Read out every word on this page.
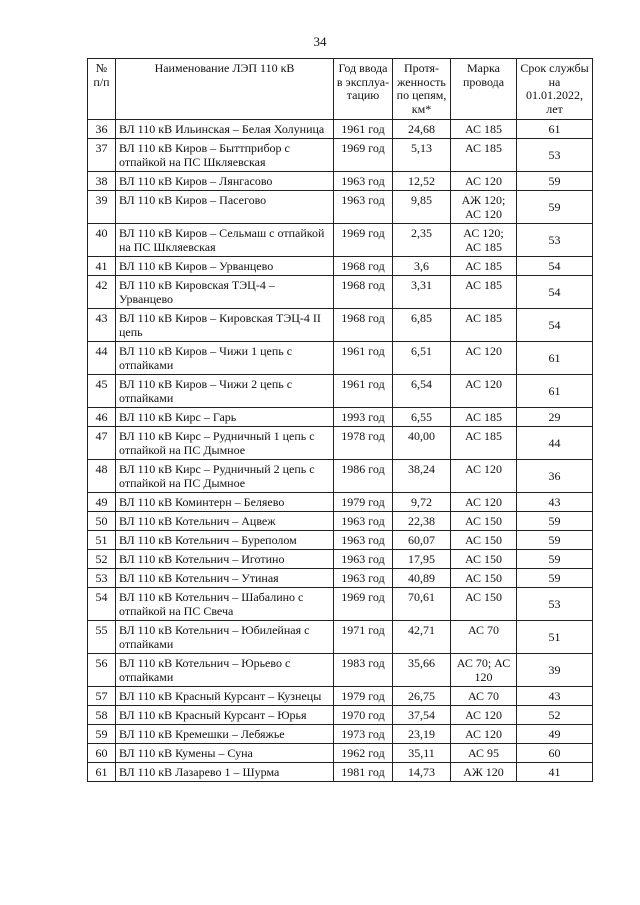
34
№ п/п	Наименование ЛЭП 110 кВ	Год ввода в эксплуа-тацию	Протя-женность по цепям, км*	Марка провода	Срок службы на 01.01.2022, лет
36	ВЛ 110 кВ Ильинская – Белая Холуница	1961 год	24,68	АС 185	61
37	ВЛ 110 кВ Киров – Быттприбор с отпайкой на ПС Шкляевская	1969 год	5,13	АС 185	53
38	ВЛ 110 кВ Киров – Лянгасово	1963 год	12,52	АС 120	59
39	ВЛ 110 кВ Киров – Пасегово	1963 год	9,85	АЖ 120; АС 120	59
40	ВЛ 110 кВ Киров – Сельмаш с отпайкой на ПС Шкляевская	1969 год	2,35	АС 120; АС 185	53
41	ВЛ 110 кВ Киров – Урванцево	1968 год	3,6	АС 185	54
42	ВЛ 110 кВ Кировская ТЭЦ-4 – Урванцево	1968 год	3,31	АС 185	54
43	ВЛ 110 кВ Киров – Кировская ТЭЦ-4 II цепь	1968 год	6,85	АС 185	54
44	ВЛ 110 кВ Киров – Чижи 1 цепь с отпайками	1961 год	6,51	АС 120	61
45	ВЛ 110 кВ Киров – Чижи 2 цепь с отпайками	1961 год	6,54	АС 120	61
46	ВЛ 110 кВ Кирс – Гарь	1993 год	6,55	АС 185	29
47	ВЛ 110 кВ Кирс – Рудничный 1 цепь с отпайкой на ПС Дымное	1978 год	40,00	АС 185	44
48	ВЛ 110 кВ Кирс – Рудничный 2 цепь с отпайкой на ПС Дымное	1986 год	38,24	АС 120	36
49	ВЛ 110 кВ Коминтерн – Беляево	1979 год	9,72	АС 120	43
50	ВЛ 110 кВ Котельнич – Ацвеж	1963 год	22,38	АС 150	59
51	ВЛ 110 кВ Котельнич – Буреполом	1963 год	60,07	АС 150	59
52	ВЛ 110 кВ Котельнич – Иготино	1963 год	17,95	АС 150	59
53	ВЛ 110 кВ Котельнич – Утиная	1963 год	40,89	АС 150	59
54	ВЛ 110 кВ Котельнич – Шабалино с отпайкой на ПС Свеча	1969 год	70,61	АС 150	53
55	ВЛ 110 кВ Котельнич – Юбилейная с отпайками	1971 год	42,71	АС 70	51
56	ВЛ 110 кВ Котельнич – Юрьево с отпайками	1983 год	35,66	АС 70; АС 120	39
57	ВЛ 110 кВ Красный Курсант – Кузнецы	1979 год	26,75	АС 70	43
58	ВЛ 110 кВ Красный Курсант – Юрья	1970 год	37,54	АС 120	52
59	ВЛ 110 кВ Кремешки – Лебяжье	1973 год	23,19	АС 120	49
60	ВЛ 110 кВ Кумены – Суна	1962 год	35,11	АС 95	60
61	ВЛ 110 кВ Лазарево 1 – Шурма	1981 год	14,73	АЖ 120	41
